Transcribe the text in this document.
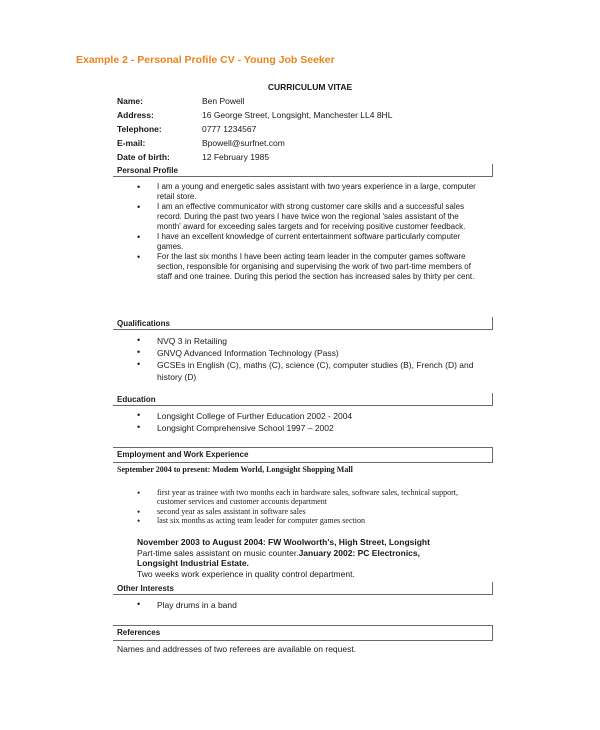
Example 2 - Personal Profile CV - Young Job Seeker
CURRICULUM VITAE
Name:	Ben Powell
Address:	16 George Street, Longsight, Manchester LL4 8HL
Telephone:	0777 1234567
E-mail:	Bpowell@surfnet.com
Date of birth:	12 February 1985
Personal Profile
• I am a young and energetic sales assistant with two years experience in a large, computer retail store.
• I am an effective communicator with strong customer care skills and a successful sales record. During the past two years I have twice won the regional 'sales assistant of the month' award for exceeding sales targets and for receiving positive customer feedback.
• I have an excellent knowledge of current entertainment software particularly computer games.
• For the last six months I have been acting team leader in the computer games software section, responsible for organising and supervising the work of two part-time members of staff and one trainee. During this period the section has increased sales by thirty per cent.
Qualifications
• NVQ 3 in Retailing
• GNVQ Advanced Information Technology (Pass)
• GCSEs in English (C), maths (C), science (C), computer studies (B), French (D) and history (D)
Education
• Longsight College of Further Education 2002 - 2004
• Longsight Comprehensive School 1997 – 2002
Employment and Work Experience
September 2004 to present: Modem World, Longsight Shopping Mall
• first year as trainee with two months each in hardware sales, software sales, technical support, customer services and customer accounts department
• second year as sales assistant in software sales
• last six months as acting team leader for computer games section
November 2003 to August 2004: FW Woolworth's, High Street, Longsight
Part-time sales assistant on music counter.January 2002: PC Electronics,
Longsight Industrial Estate.
Two weeks work experience in quality control department.
Other Interests
• Play drums in a band
References
Names and addresses of two referees are available on request.
